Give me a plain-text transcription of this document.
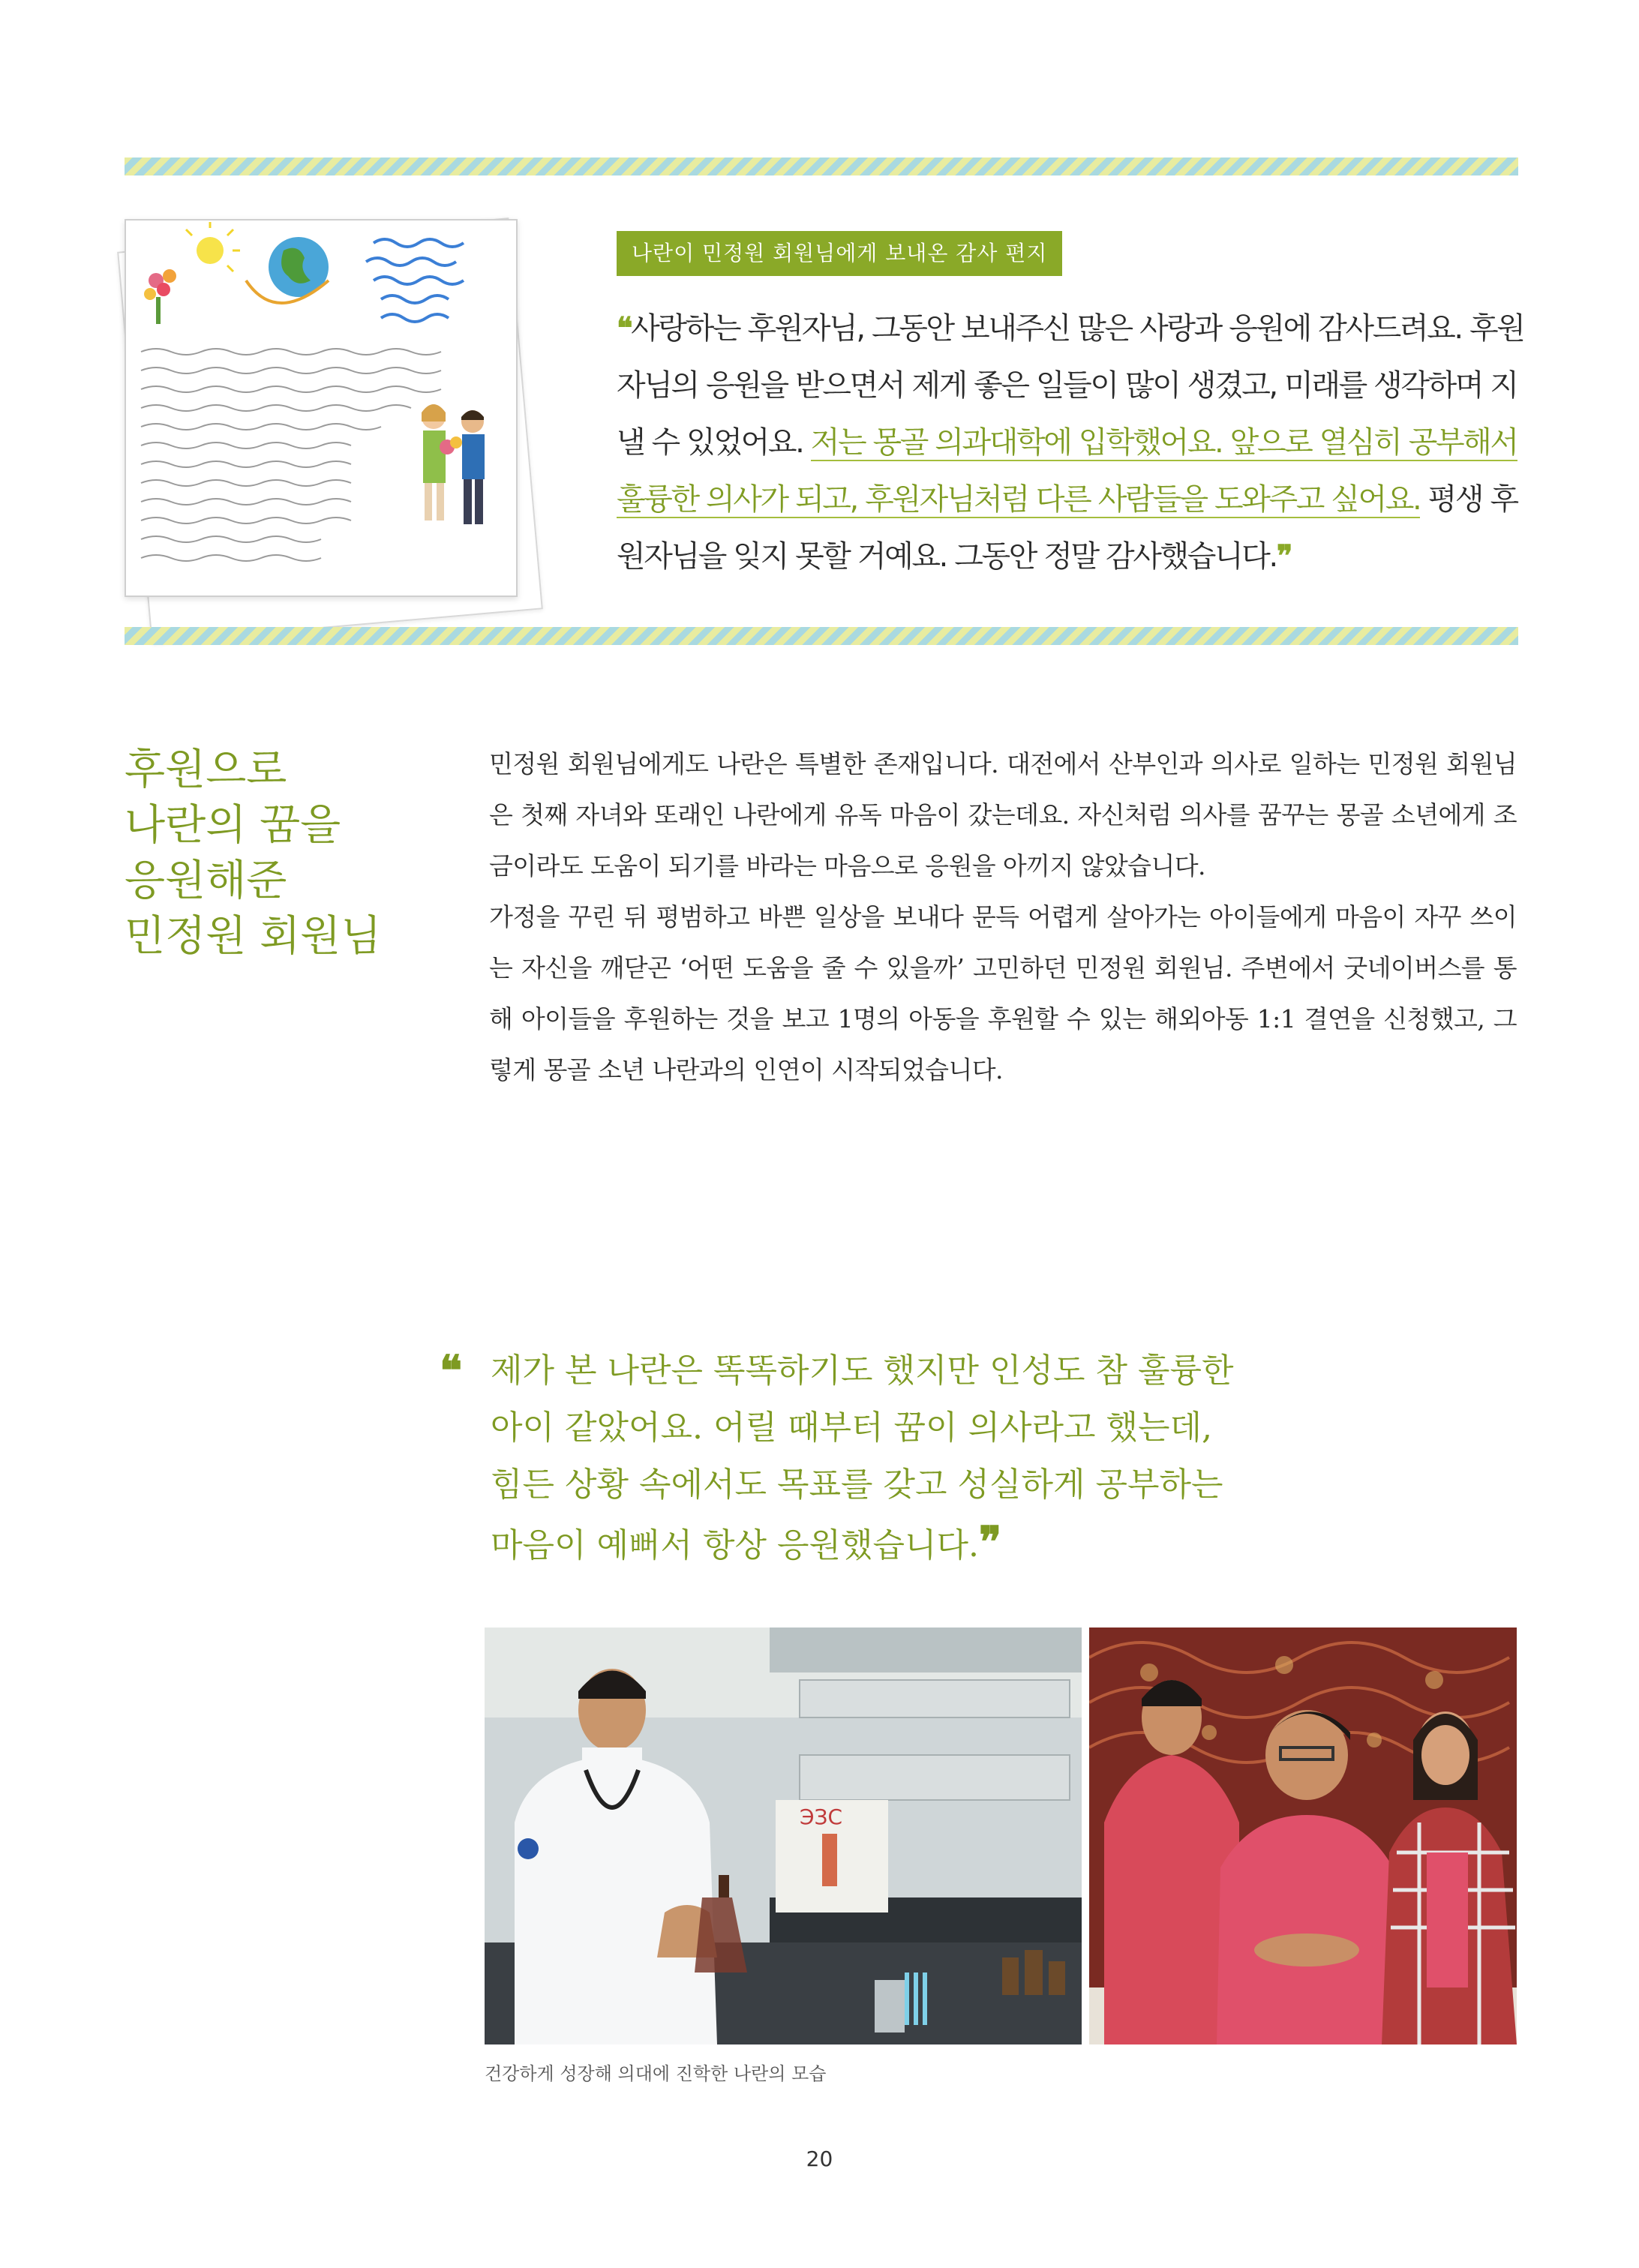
나란이 민정원 회원님에게 보내온 감사 편지
❝사랑하는 후원자님, 그동안 보내주신 많은 사랑과 응원에 감사드려요. 후원자님의 응원을 받으면서 제게 좋은 일들이 많이 생겼고, 미래를 생각하며 지낼 수 있었어요. 저는 몽골 의과대학에 입학했어요. 앞으로 열심히 공부해서 훌륭한 의사가 되고, 후원자님처럼 다른 사람들을 도와주고 싶어요. 평생 후원자님을 잊지 못할 거예요. 그동안 정말 감사했습니다.❞
후원으로
나란의 꿈을
응원해준
민정원 회원님

민정원 회원님에게도 나란은 특별한 존재입니다. 대전에서 산부인과 의사로 일하는 민정원 회원님은 첫째 자녀와 또래인 나란에게 유독 마음이 갔는데요. 자신처럼 의사를 꿈꾸는 몽골 소년에게 조금이라도 도움이 되기를 바라는 마음으로 응원을 아끼지 않았습니다.

가정을 꾸린 뒤 평범하고 바쁜 일상을 보내다 문득 어렵게 살아가는 아이들에게 마음이 자꾸 쓰이는 자신을 깨닫곤 ‘어떤 도움을 줄 수 있을까’ 고민하던 민정원 회원님. 주변에서 굿네이버스를 통해 아이들을 후원하는 것을 보고 1명의 아동을 후원할 수 있는 해외아동 1:1 결연을 신청했고, 그렇게 몽골 소년 나란과의 인연이 시작되었습니다.

❝ 제가 본 나란은 똑똑하기도 했지만 인성도 참 훌륭한
아이 같았어요. 어릴 때부터 꿈이 의사라고 했는데,
힘든 상황 속에서도 목표를 갖고 성실하게 공부하는
마음이 예뻐서 항상 응원했습니다.❞
ЭЗС
건강하게 성장해 의대에 진학한 나란의 모습
20
